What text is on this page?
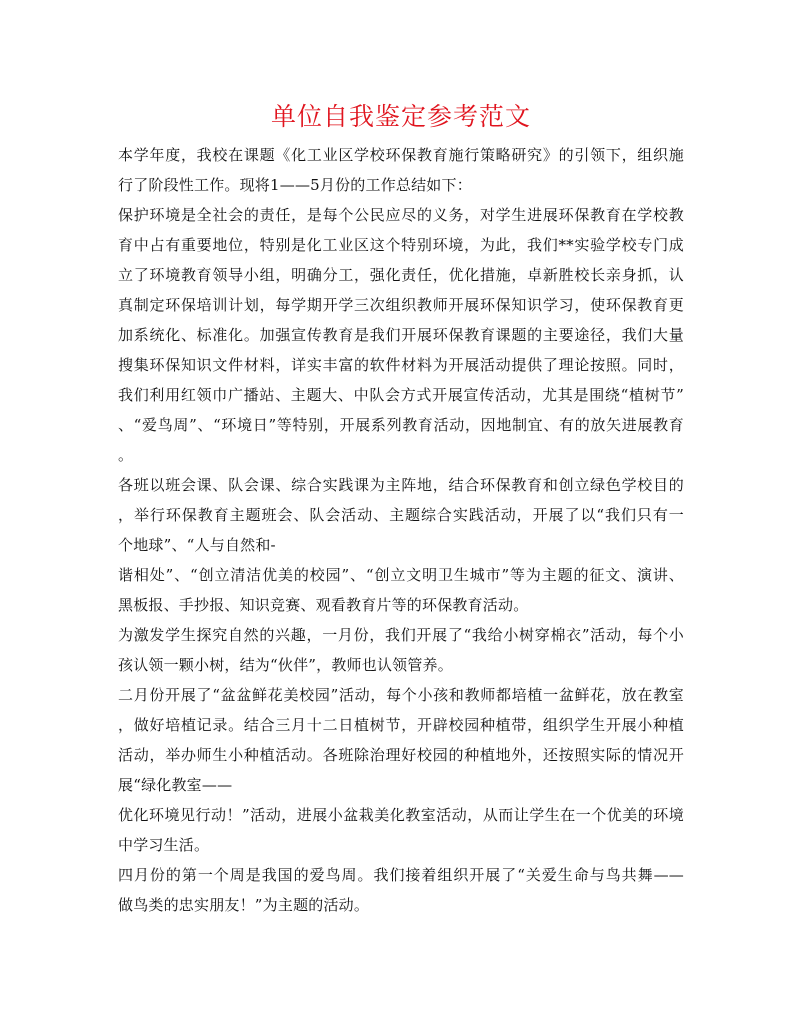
单位自我鉴定参考范文
本学年度，我校在课题《化工业区学校环保教育施行策略研究》的引领下，组织施
行了阶段性工作。现将1——5月份的工作总结如下：
保护环境是全社会的责任，是每个公民应尽的义务，对学生进展环保教育在学校教
育中占有重要地位，特别是化工业区这个特别环境，为此，我们**实验学校专门成
立了环境教育领导小组，明确分工，强化责任，优化措施，卓新胜校长亲身抓，认
真制定环保培训计划，每学期开学三次组织教师开展环保知识学习，使环保教育更
加系统化、标准化。加强宣传教育是我们开展环保教育课题的主要途径，我们大量
搜集环保知识文件材料，详实丰富的软件材料为开展活动提供了理论按照。同时，
我们利用红领巾广播站、主题大、中队会方式开展宣传活动，尤其是围绕“植树节”
、“爱鸟周”、“环境日”等特别，开展系列教育活动，因地制宜、有的放矢进展教育
。
各班以班会课、队会课、综合实践课为主阵地，结合环保教育和创立绿色学校目的
，举行环保教育主题班会、队会活动、主题综合实践活动，开展了以“我们只有一
个地球”、“人与自然和-
谐相处”、“创立清洁优美的校园”、“创立文明卫生城市”等为主题的征文、演讲、
黑板报、手抄报、知识竞赛、观看教育片等的环保教育活动。
为激发学生探究自然的兴趣，一月份，我们开展了“我给小树穿棉衣”活动，每个小
孩认领一颗小树，结为“伙伴”，教师也认领管养。
二月份开展了“盆盆鲜花美校园”活动，每个小孩和教师都培植一盆鲜花，放在教室
，做好培植记录。结合三月十二日植树节，开辟校园种植带，组织学生开展小种植
活动，举办师生小种植活动。各班除治理好校园的种植地外，还按照实际的情况开
展“绿化教室——
优化环境见行动！”活动，进展小盆栽美化教室活动，从而让学生在一个优美的环境
中学习生活。
四月份的第一个周是我国的爱鸟周。我们接着组织开展了“关爱生命与鸟共舞——
做鸟类的忠实朋友！”为主题的活动。
